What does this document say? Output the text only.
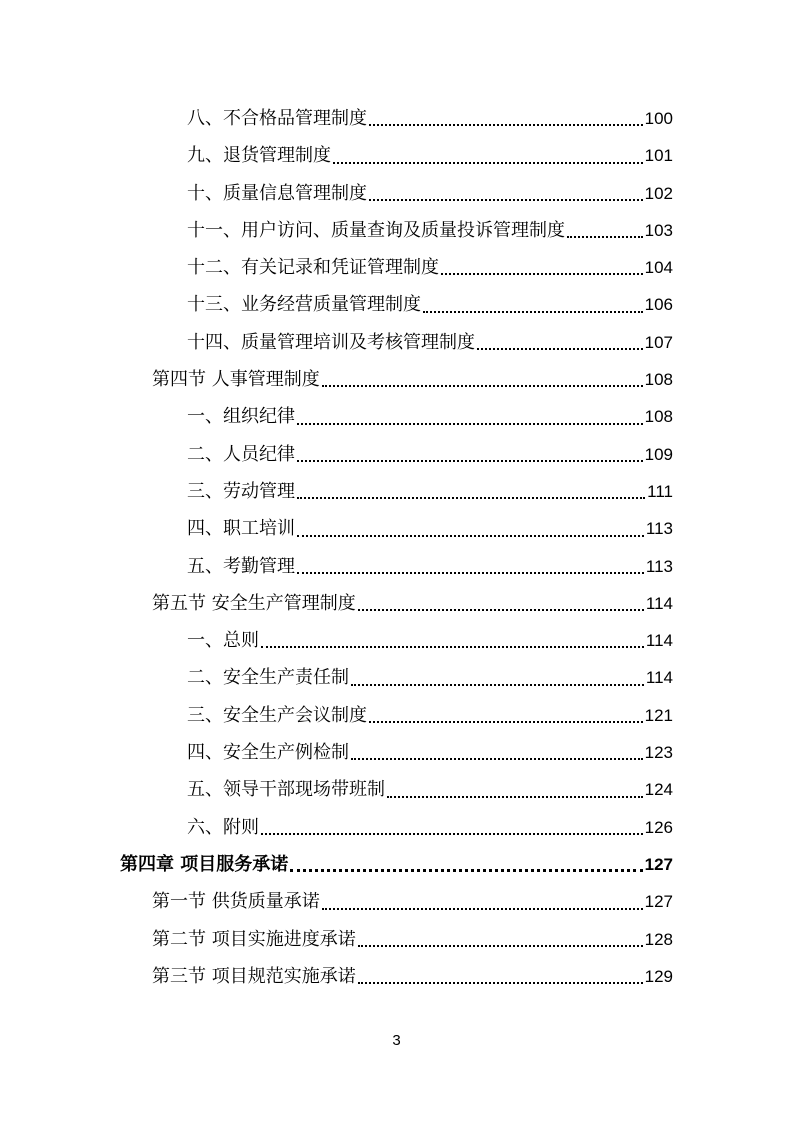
八、不合格品管理制度	100
九、退货管理制度	101
十、质量信息管理制度	102
十一、用户访问、质量查询及质量投诉管理制度	103
十二、有关记录和凭证管理制度	104
十三、业务经营质量管理制度	106
十四、质量管理培训及考核管理制度	107
第四节 人事管理制度	108
一、组织纪律	108
二、人员纪律	109
三、劳动管理	111
四、职工培训	113
五、考勤管理	113
第五节 安全生产管理制度	114
一、总则	114
二、安全生产责任制	114
三、安全生产会议制度	121
四、安全生产例检制	123
五、领导干部现场带班制	124
六、附则	126
第四章 项目服务承诺	127
第一节 供货质量承诺	127
第二节 项目实施进度承诺	128
第三节 项目规范实施承诺	129
3
